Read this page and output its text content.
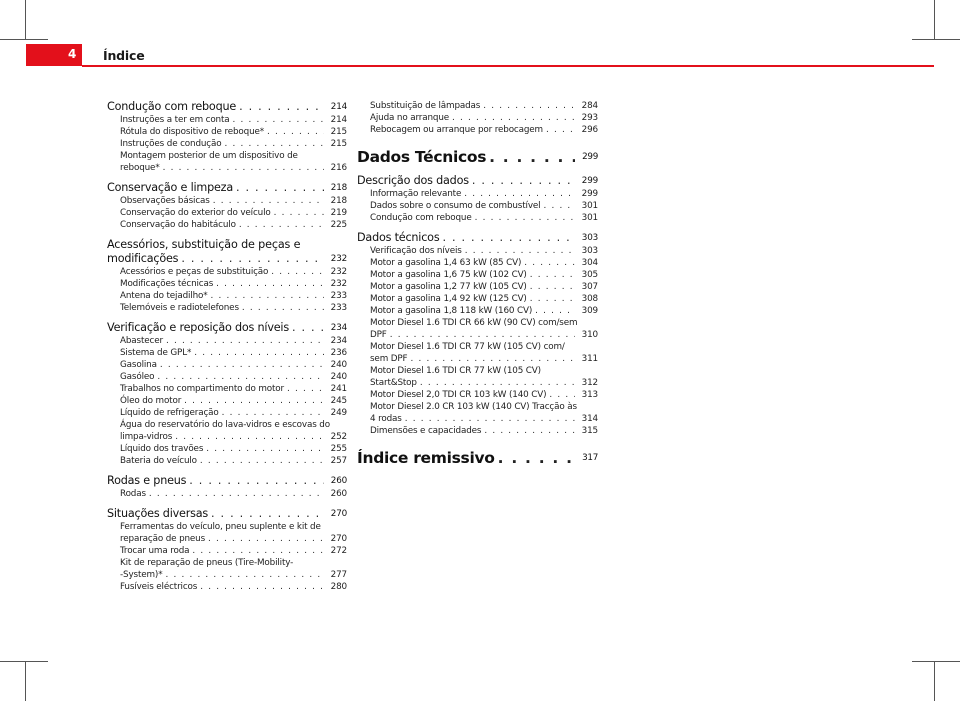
4 Índice
Condução com reboque . . .	214
Instruções a ter em conta . . .	214
Rótula do dispositivo de reboque* . . .	215
Instruções de condução . . .	215
Montagem posterior de um dispositivo de
reboque* . . .	216
Conservação e limpeza . . .	218
Observações básicas . . .	218
Conservação do exterior do veículo . . .	219
Conservação do habitáculo . . .	225
Acessórios, substituição de peças e
modificações . . .	232
Acessórios e peças de substituição . . .	232
Modificações técnicas . . .	232
Antena do tejadilho* . . .	233
Telemóveis e radiotelefones . . .	233
Verificação e reposição dos níveis . . .	234
Abastecer . . .	234
Sistema de GPL* . . .	236
Gasolina . . .	240
Gasóleo . . .	240
Trabalhos no compartimento do motor . . .	241
Óleo do motor . . .	245
Líquido de refrigeração . . .	249
Água do reservatório do lava-vidros e escovas do
limpa-vidros . . .	252
Líquido dos travões . . .	255
Bateria do veículo . . .	257
Rodas e pneus . . .	260
Rodas . . .	260
Situações diversas . . .	270
Ferramentas do veículo, pneu suplente e kit de
reparação de pneus . . .	270
Trocar uma roda . . .	272
Kit de reparação de pneus (Tire-Mobility-
-System)* . . .	277
Fusíveis eléctricos . . .	280
Substituição de lâmpadas . . .	284
Ajuda no arranque . . .	293
Rebocagem ou arranque por rebocagem . . .	296
Dados Técnicos . . .	299
Descrição dos dados . . .	299
Informação relevante . . .	299
Dados sobre o consumo de combustível . . .	301
Condução com reboque . . .	301
Dados técnicos . . .	303
Verificação dos níveis . . .	303
Motor a gasolina 1,4 63 kW (85 CV) . . .	304
Motor a gasolina 1,6 75 kW (102 CV) . . .	305
Motor a gasolina 1,2 77 kW (105 CV) . . .	307
Motor a gasolina 1,4 92 kW (125 CV) . . .	308
Motor a gasolina 1,8 118 kW (160 CV) . . .	309
Motor Diesel 1.6 TDI CR 66 kW (90 CV) com/sem
DPF . . .	310
Motor Diesel 1.6 TDI CR 77 kW (105 CV) com/
sem DPF . . .	311
Motor Diesel 1.6 TDI CR 77 kW (105 CV)
Start&Stop . . .	312
Motor Diesel 2,0 TDI CR 103 kW (140 CV) . . .	313
Motor Diesel 2.0 CR 103 kW (140 CV) Tracção às
4 rodas . . .	314
Dimensões e capacidades . . .	315
Índice remissivo . . .	317
